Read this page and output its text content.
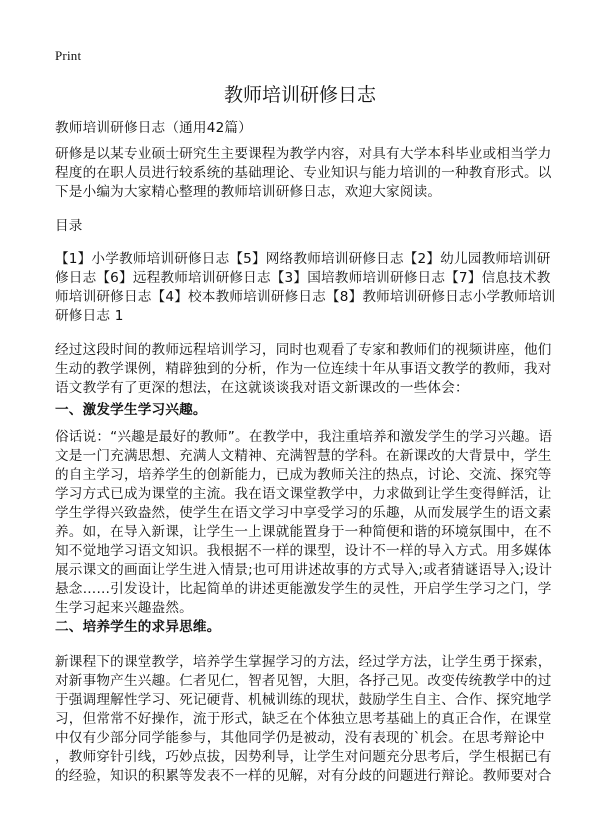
Print
教师培训研修日志
教师培训研修日志（通用42篇）
研修是以某专业硕士研究生主要课程为教学内容，对具有大学本科毕业或相当学力
程度的在职人员进行较系统的基础理论、专业知识与能力培训的一种教育形式。以
下是小编为大家精心整理的教师培训研修日志，欢迎大家阅读。
目录
【1】小学教师培训研修日志【5】网络教师培训研修日志【2】幼儿园教师培训研
修日志【6】远程教师培训研修日志【3】国培教师培训研修日志【7】信息技术教
师培训研修日志【4】校本教师培训研修日志【8】教师培训研修日志小学教师培训
研修日志 1
经过这段时间的教师远程培训学习，同时也观看了专家和教师们的视频讲座，他们
生动的教学课例，精辟独到的分析，作为一位连续十年从事语文教学的教师，我对
语文教学有了更深的想法，在这就谈谈我对语文新课改的一些体会：
一、激发学生学习兴趣。
俗话说：“兴趣是最好的教师”。在教学中，我注重培养和激发学生的学习兴趣。语
文是一门充满思想、充满人文精神、充满智慧的学科。在新课改的大背景中，学生
的自主学习，培养学生的创新能力，已成为教师关注的热点，讨论、交流、探究等
学习方式已成为课堂的主流。我在语文课堂教学中，力求做到让学生变得鲜活，让
学生学得兴致盎然，使学生在语文学习中享受学习的乐趣，从而发展学生的语文素
养。如，在导入新课，让学生一上课就能置身于一种简便和谐的环境氛围中，在不
知不觉地学习语文知识。我根据不一样的课型，设计不一样的导入方式。用多媒体
展示课文的画面让学生进入情景;也可用讲述故事的方式导入;或者猜谜语导入;设计
悬念……引发设计，比起简单的讲述更能激发学生的灵性，开启学生学习之门，学
生学习起来兴趣盎然。
二、培养学生的求异思维。
新课程下的课堂教学，培养学生掌握学习的方法，经过学方法，让学生勇于探索，
对新事物产生兴趣。仁者见仁，智者见智，大胆，各抒己见。改变传统教学中的过
于强调理解性学习、死记硬背、机械训练的现状，鼓励学生自主、合作、探究地学
习，但常常不好操作，流于形式，缺乏在个体独立思考基础上的真正合作，在课堂
中仅有少部分同学能参与，其他同学仍是被动，没有表现的`机会。在思考辩论中
，教师穿针引线，巧妙点拔，因势利导，让学生对问题充分思考后，学生根据已有
的经验，知识的积累等发表不一样的见解，对有分歧的问题进行辩论。教师要对合
